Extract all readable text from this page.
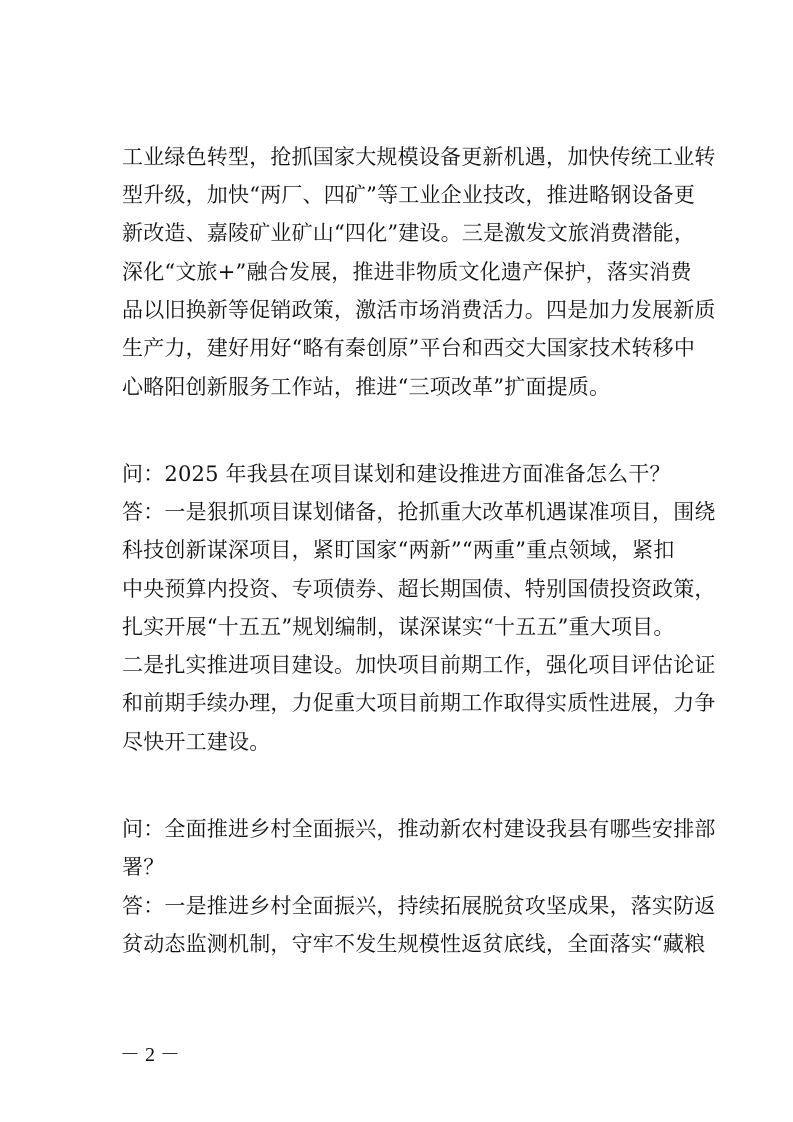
工业绿色转型，抢抓国家大规模设备更新机遇，加快传统工业转
型升级，加快“两厂、四矿”等工业企业技改，推进略钢设备更
新改造、嘉陵矿业矿山“四化”建设。三是激发文旅消费潜能，
深化“文旅+”融合发展，推进非物质文化遗产保护，落实消费
品以旧换新等促销政策，激活市场消费活力。四是加力发展新质
生产力，建好用好“略有秦创原”平台和西交大国家技术转移中
心略阳创新服务工作站，推进“三项改革”扩面提质。
问：2025 年我县在项目谋划和建设推进方面准备怎么干？
答：一是狠抓项目谋划储备，抢抓重大改革机遇谋准项目，围绕
科技创新谋深项目，紧盯国家“两新”“两重”重点领域，紧扣
中央预算内投资、专项债券、超长期国债、特别国债投资政策，
扎实开展“十五五”规划编制，谋深谋实“十五五”重大项目。
二是扎实推进项目建设。加快项目前期工作，强化项目评估论证
和前期手续办理，力促重大项目前期工作取得实质性进展，力争
尽快开工建设。
问：全面推进乡村全面振兴，推动新农村建设我县有哪些安排部
署？
答：一是推进乡村全面振兴，持续拓展脱贫攻坚成果，落实防返
贫动态监测机制，守牢不发生规模性返贫底线，全面落实“藏粮
－ 2 －
